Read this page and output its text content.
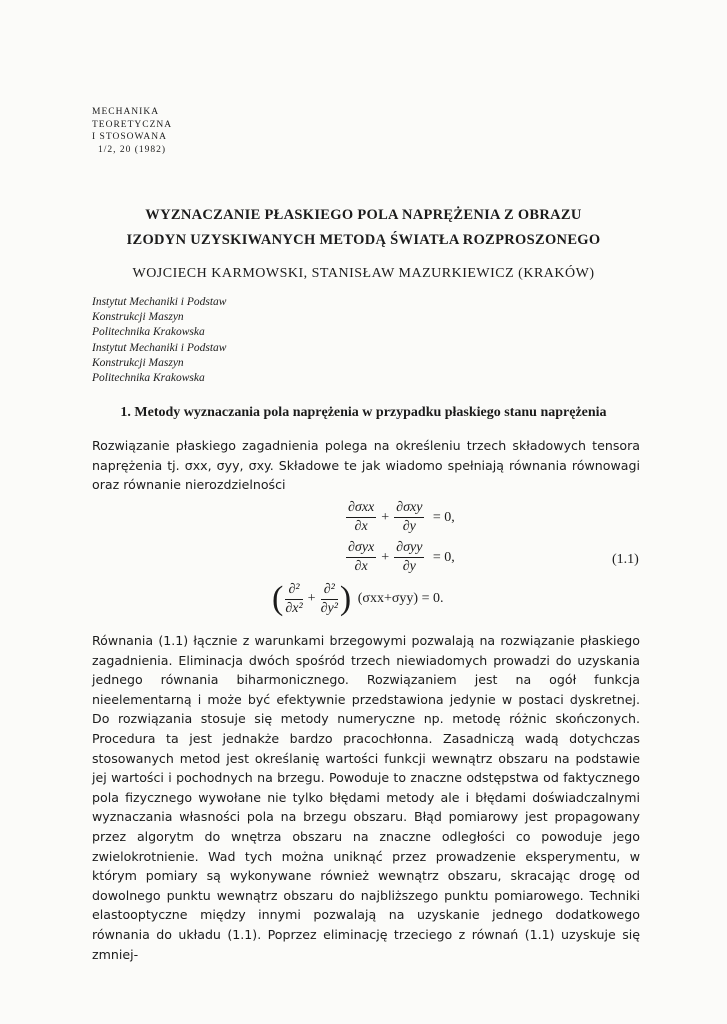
MECHANIKA
TEORETYCZNA
I STOSOWANA
1/2, 20 (1982)
WYZNACZANIE PŁASKIEGO POLA NAPRĘŻENIA Z OBRAZU
IZODYN UZYSKIWANYCH METODĄ ŚWIATŁA ROZPROSZONEGO
WOJCIECH KARMOWSKI, STANISŁAW MAZURKIEWICZ (KRAKÓW)
Instytut Mechaniki i Podstaw
Konstrukcji Maszyn
Politechnika Krakowska
Instytut Mechaniki i Podstaw
Konstrukcji Maszyn
Politechnika Krakowska
1. Metody wyznaczania pola naprężenia w przypadku płaskiego stanu naprężenia
Rozwiązanie płaskiego zagadnienia polega na określeniu trzech składowych tensora naprężenia tj. σxx, σyy, σxy. Składowe te jak wiadomo spełniają równania równowagi oraz równanie nierozdzielności
$\frac{\text{∂σxx}}{\partial x} + \frac{\text{∂σxy}}{\partial y} = 0$,
$\frac{\text{∂σyx}}{\partial x} + \frac{\text{∂σyy}}{\partial y} = 0$,	(1.1)
( $\frac{\text{∂²}}{\text{∂x²}} + \frac{\text{∂²}}{\text{∂y²}}$ ) (σxx+σyy) = 0.
Równania (1.1) łącznie z warunkami brzegowymi pozwalają na rozwiązanie płaskiego zagadnienia. Eliminacja dwóch spośród trzech niewiadomych prowadzi do uzyskania jednego równania biharmonicznego. Rozwiązaniem jest na ogół funkcja nieelementarną i może być efektywnie przedstawiona jedynie w postaci dyskretnej. Do rozwiązania stosuje się metody numeryczne np. metodę różnic skończonych. Procedura ta jest jednakże bardzo pracochłonna. Zasadniczą wadą dotychczas stosowanych metod jest określanię wartości funkcji wewnątrz obszaru na podstawie jej wartości i pochodnych na brzegu. Powoduje to znaczne odstępstwa od faktycznego pola fizycznego wywołane nie tylko błędami metody ale i błędami doświadczalnymi wyznaczania własności pola na brzegu obszaru. Błąd pomiarowy jest propagowany przez algorytm do wnętrza obszaru na znaczne odległości co powoduje jego zwielokrotnienie. Wad tych można uniknąć przez prowadzenie eksperymentu, w którym pomiary są wykonywane również wewnątrz obszaru, skracając drogę od dowolnego punktu wewnątrz obszaru do najbliższego punktu pomiarowego. Techniki elastooptyczne między innymi pozwalają na uzyskanie jednego dodatkowego równania do układu (1.1). Poprzez eliminację trzeciego z równań (1.1) uzyskuje się zmniej-
